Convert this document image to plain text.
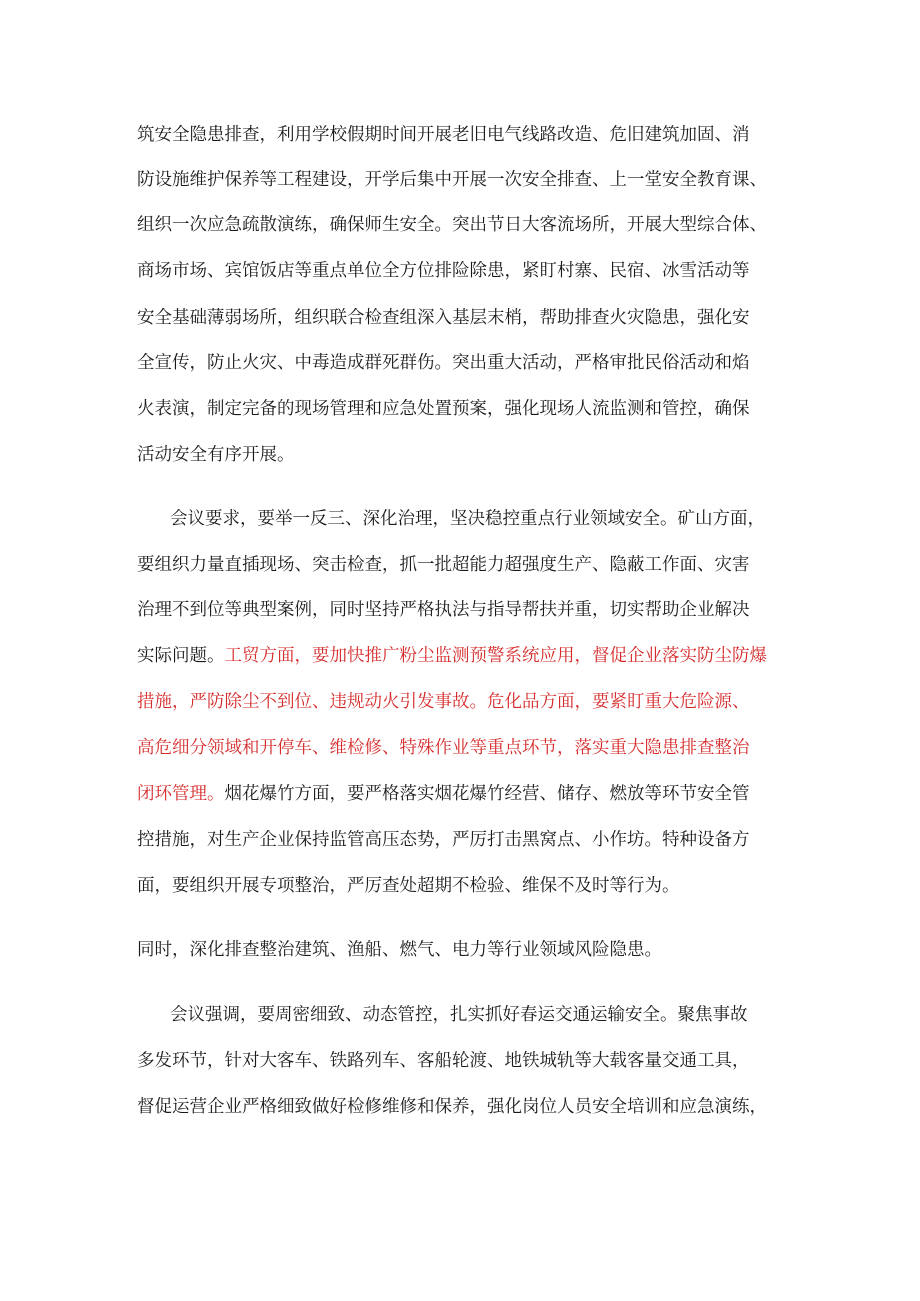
筑安全隐患排查，利用学校假期时间开展老旧电气线路改造、危旧建筑加固、消
防设施维护保养等工程建设，开学后集中开展一次安全排查、上一堂安全教育课、
组织一次应急疏散演练，确保师生安全。突出节日大客流场所，开展大型综合体、
商场市场、宾馆饭店等重点单位全方位排险除患，紧盯村寨、民宿、冰雪活动等
安全基础薄弱场所，组织联合检查组深入基层末梢，帮助排查火灾隐患，强化安
全宣传，防止火灾、中毒造成群死群伤。突出重大活动，严格审批民俗活动和焰
火表演，制定完备的现场管理和应急处置预案，强化现场人流监测和管控，确保
活动安全有序开展。
会议要求，要举一反三、深化治理，坚决稳控重点行业领域安全。矿山方面，
要组织力量直插现场、突击检查，抓一批超能力超强度生产、隐蔽工作面、灾害
治理不到位等典型案例，同时坚持严格执法与指导帮扶并重，切实帮助企业解决
实际问题。工贸方面，要加快推广粉尘监测预警系统应用，督促企业落实防尘防爆
措施，严防除尘不到位、违规动火引发事故。危化品方面，要紧盯重大危险源、
高危细分领域和开停车、维检修、特殊作业等重点环节，落实重大隐患排查整治
闭环管理。烟花爆竹方面，要严格落实烟花爆竹经营、储存、燃放等环节安全管
控措施，对生产企业保持监管高压态势，严厉打击黑窝点、小作坊。特种设备方
面，要组织开展专项整治，严厉查处超期不检验、维保不及时等行为。
同时，深化排查整治建筑、渔船、燃气、电力等行业领域风险隐患。
会议强调，要周密细致、动态管控，扎实抓好春运交通运输安全。聚焦事故
多发环节，针对大客车、铁路列车、客船轮渡、地铁城轨等大载客量交通工具，
督促运营企业严格细致做好检修维修和保养，强化岗位人员安全培训和应急演练，
